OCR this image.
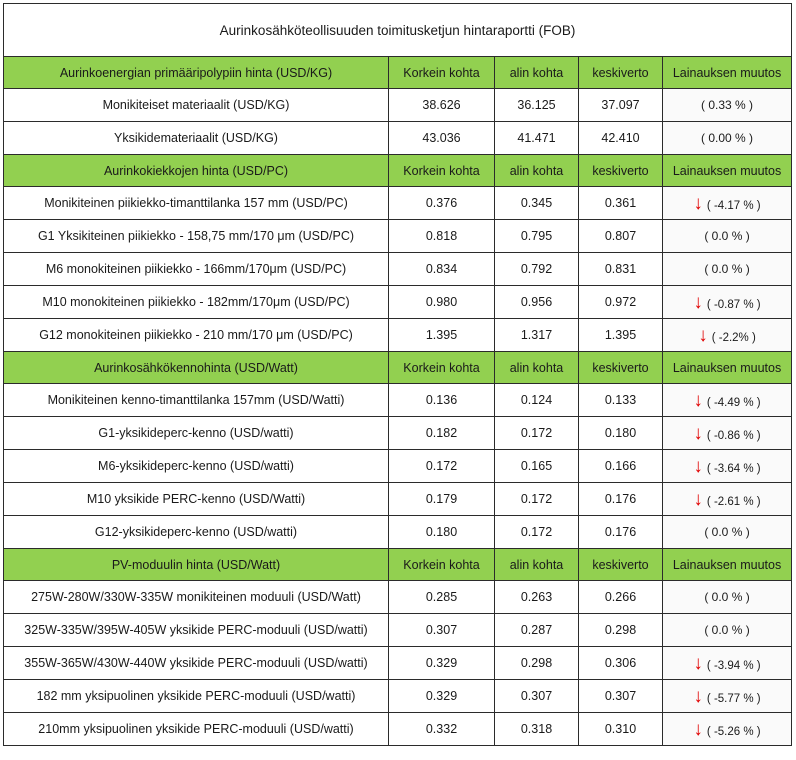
Aurinkosähköteollisuuden toimitusketjun hintaraportti (FOB)				
Aurinkoenergian primääripolypiin hinta (USD/KG)	Korkein kohta	alin kohta	keskiverto	Lainauksen muutos
Monikiteiset materiaalit (USD/KG)	38.626	36.125	37.097	( 0.33 % )
Yksikidemateriaalit (USD/KG)	43.036	41.471	42.410	( 0.00 % )
Aurinkokiekkojen hinta (USD/PC)	Korkein kohta	alin kohta	keskiverto	Lainauksen muutos
Monikiteinen piikiekko-timanttilanka 157 mm (USD/PC)	0.376	0.345	0.361	↓ ( -4.17 % )
G1 Yksikiteinen piikiekko - 158,75 mm/170 μm (USD/PC)	0.818	0.795	0.807	( 0.0 % )
M6 monokiteinen piikiekko - 166mm/170μm (USD/PC)	0.834	0.792	0.831	( 0.0 % )
M10 monokiteinen piikiekko - 182mm/170μm (USD/PC)	0.980	0.956	0.972	↓ ( -0.87 % )
G12 monokiteinen piikiekko - 210 mm/170 μm (USD/PC)	1.395	1.317	1.395	↓ ( -2.2% )
Aurinkosähkökennohinta (USD/Watt)	Korkein kohta	alin kohta	keskiverto	Lainauksen muutos
Monikiteinen kenno-timanttilanka 157mm (USD/Watti)	0.136	0.124	0.133	↓ ( -4.49 % )
G1-yksikideperc-kenno (USD/watti)	0.182	0.172	0.180	↓ ( -0.86 % )
M6-yksikideperc-kenno (USD/watti)	0.172	0.165	0.166	↓ ( -3.64 % )
M10 yksikide PERC-kenno (USD/Watti)	0.179	0.172	0.176	↓ ( -2.61 % )
G12-yksikideperc-kenno (USD/watti)	0.180	0.172	0.176	( 0.0 % )
PV-moduulin hinta (USD/Watt)	Korkein kohta	alin kohta	keskiverto	Lainauksen muutos
275W-280W/330W-335W monikiteinen moduuli (USD/Watt)	0.285	0.263	0.266	( 0.0 % )
325W-335W/395W-405W yksikide PERC-moduuli (USD/watti)	0.307	0.287	0.298	( 0.0 % )
355W-365W/430W-440W yksikide PERC-moduuli (USD/watti)	0.329	0.298	0.306	↓ ( -3.94 % )
182 mm yksipuolinen yksikide PERC-moduuli (USD/watti)	0.329	0.307	0.307	↓ ( -5.77 % )
210mm yksipuolinen yksikide PERC-moduuli (USD/watti)	0.332	0.318	0.310	↓ ( -5.26 % )
